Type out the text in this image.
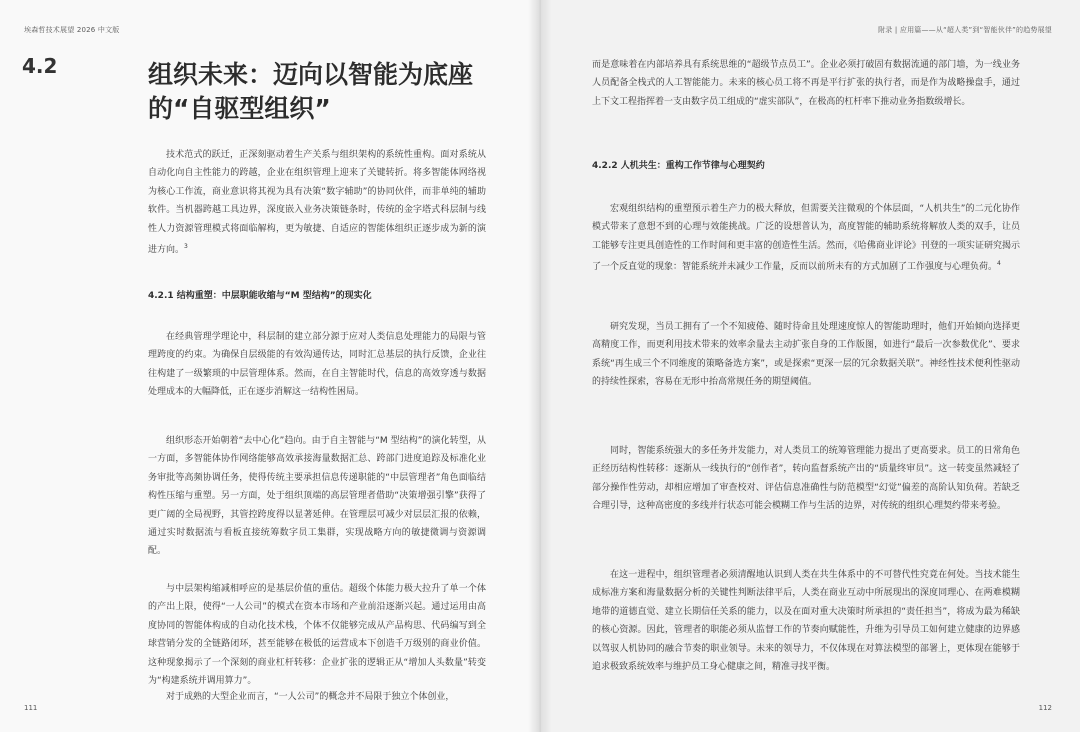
埃森哲技术展望 2026 中文版
4.2	组织未来：迈向以智能为底座
的“自驱型组织”

技术范式的跃迁，正深刻驱动着生产关系与组织架构的系统性重构。面对系统从自动化向自主性能力的跨越，企业在组织管理上迎来了关键转折。将多智能体网络视为核心工作流，商业意识将其视为具有决策“数字辅助”的协同伙伴，而非单纯的辅助软件。当机器跨越工具边界，深度嵌入业务决策链条时，传统的金字塔式科层制与线性人力资源管理模式将面临解构，更为敏捷、自适应的智能体组织正逐步成为新的演进方向。$^3$

4.2.1 结构重塑：中层职能收缩与“M 型结构”的现实化

在经典管理学理论中，科层制的建立部分源于应对人类信息处理能力的局限与管理跨度的约束。为确保自层级能的有效沟通传达，同时汇总基层的执行反馈，企业往往构建了一级繁琐的中层管理体系。然而，在自主智能时代，信息的高效穿透与数据处理成本的大幅降低，正在逐步消解这一结构性困局。

组织形态开始朝着“去中心化”趋向。由于自主智能与“M 型结构”的演化转型，从一方面，多智能体协作网络能够高效承接海量数据汇总、跨部门进度追踪及标准化业务审批等高频协调任务，使得传统主要承担信息传递职能的“中层管理者”角色面临结构性压缩与重塑。另一方面，处于组织顶端的高层管理者借助“决策增强引擎”获得了更广阔的全局视野，其管控跨度得以显著延伸。在管理层可减少对层层汇报的依赖，通过实时数据流与看板直接统筹数字员工集群，实现战略方向的敏捷微调与资源调配。

与中层架构缩减相呼应的是基层价值的重估。超级个体能力极大拉升了单一个体的产出上限，使得“一人公司”的模式在资本市场和产业前沿逐渐兴起。通过运用由高度协同的智能体构成的自动化技术栈，个体不仅能够完成从产品构思、代码编写到全球营销分发的全链路闭环，甚至能够在极低的运营成本下创造千万级别的商业价值。这种现象揭示了一个深刻的商业杠杆转移：企业扩张的逻辑正从“增加人头数量”转变为“构建系统并调用算力”。

对于成熟的大型企业而言，“一人公司”的概念并不局限于独立个体创业，

111
附录 | 应用篇——从“超人类”到“智能伙伴”的趋势展望

而是意味着在内部培养具有系统思维的“超级节点员工”。企业必须打破固有数据流通的部门墙，为一线业务人员配备全栈式的人工智能能力。未来的核心员工将不再是平行扩张的执行者，而是作为战略操盘手，通过上下文工程指挥着一支由数字员工组成的“虚实部队”，在极高的杠杆率下推动业务指数级增长。

4.2.2 人机共生：重构工作节律与心理契约

宏观组织结构的重塑预示着生产力的极大释放，但需要关注微观的个体层面，“人机共生”的二元化协作模式带来了意想不到的心理与效能挑战。广泛的设想普认为，高度智能的辅助系统将解放人类的双手，让员工能够专注更具创造性的工作时间和更丰富的创造性生活。然而，《哈佛商业评论》刊登的一项实证研究揭示了一个反直觉的现象：智能系统并未减少工作量，反而以前所未有的方式加剧了工作强度与心理负荷。$^4$

研究发现，当员工拥有了一个不知疲倦、随时待命且处理速度惊人的智能助理时，他们开始倾向选择更高精度工作，而更利用技术带来的效率余量去主动扩张自身的工作版图，如进行“最后一次参数优化”、要求系统“再生成三个不同维度的策略备选方案”，或是探索“更深一层的冗余数据关联”。神经性技术便利性驱动的持续性探索，容易在无形中抬高常规任务的期望阈值。

同时，智能系统强大的多任务并发能力，对人类员工的统筹管理能力提出了更高要求。员工的日常角色正经历结构性转移：逐渐从一线执行的“创作者”，转向监督系统产出的“质量终审员”。这一转变虽然减轻了部分操作性劳动，却相应增加了审查校对、评估信息准确性与防范模型“幻觉”偏差的高阶认知负荷。若缺乏合理引导，这种高密度的多线并行状态可能会模糊工作与生活的边界，对传统的组织心理契约带来考验。

在这一进程中，组织管理者必须清醒地认识到人类在共生体系中的不可替代性究竟在何处。当技术能生成标准方案和海量数据分析的关键性判断法律平后，人类在商业互动中所展现出的深度同理心、在两难模糊地带的道德直觉、建立长期信任关系的能力，以及在面对重大决策时所承担的“责任担当”，将成为最为稀缺的核心资源。因此，管理者的职能必须从监督工作的节奏向赋能性，升维为引导员工如何建立健康的边界感以驾驭人机协同的融合节奏的职业领导。未来的领导力，不仅体现在对算法模型的部署上，更体现在能够于追求极致系统效率与维护员工身心健康之间，精准寻找平衡。

112
